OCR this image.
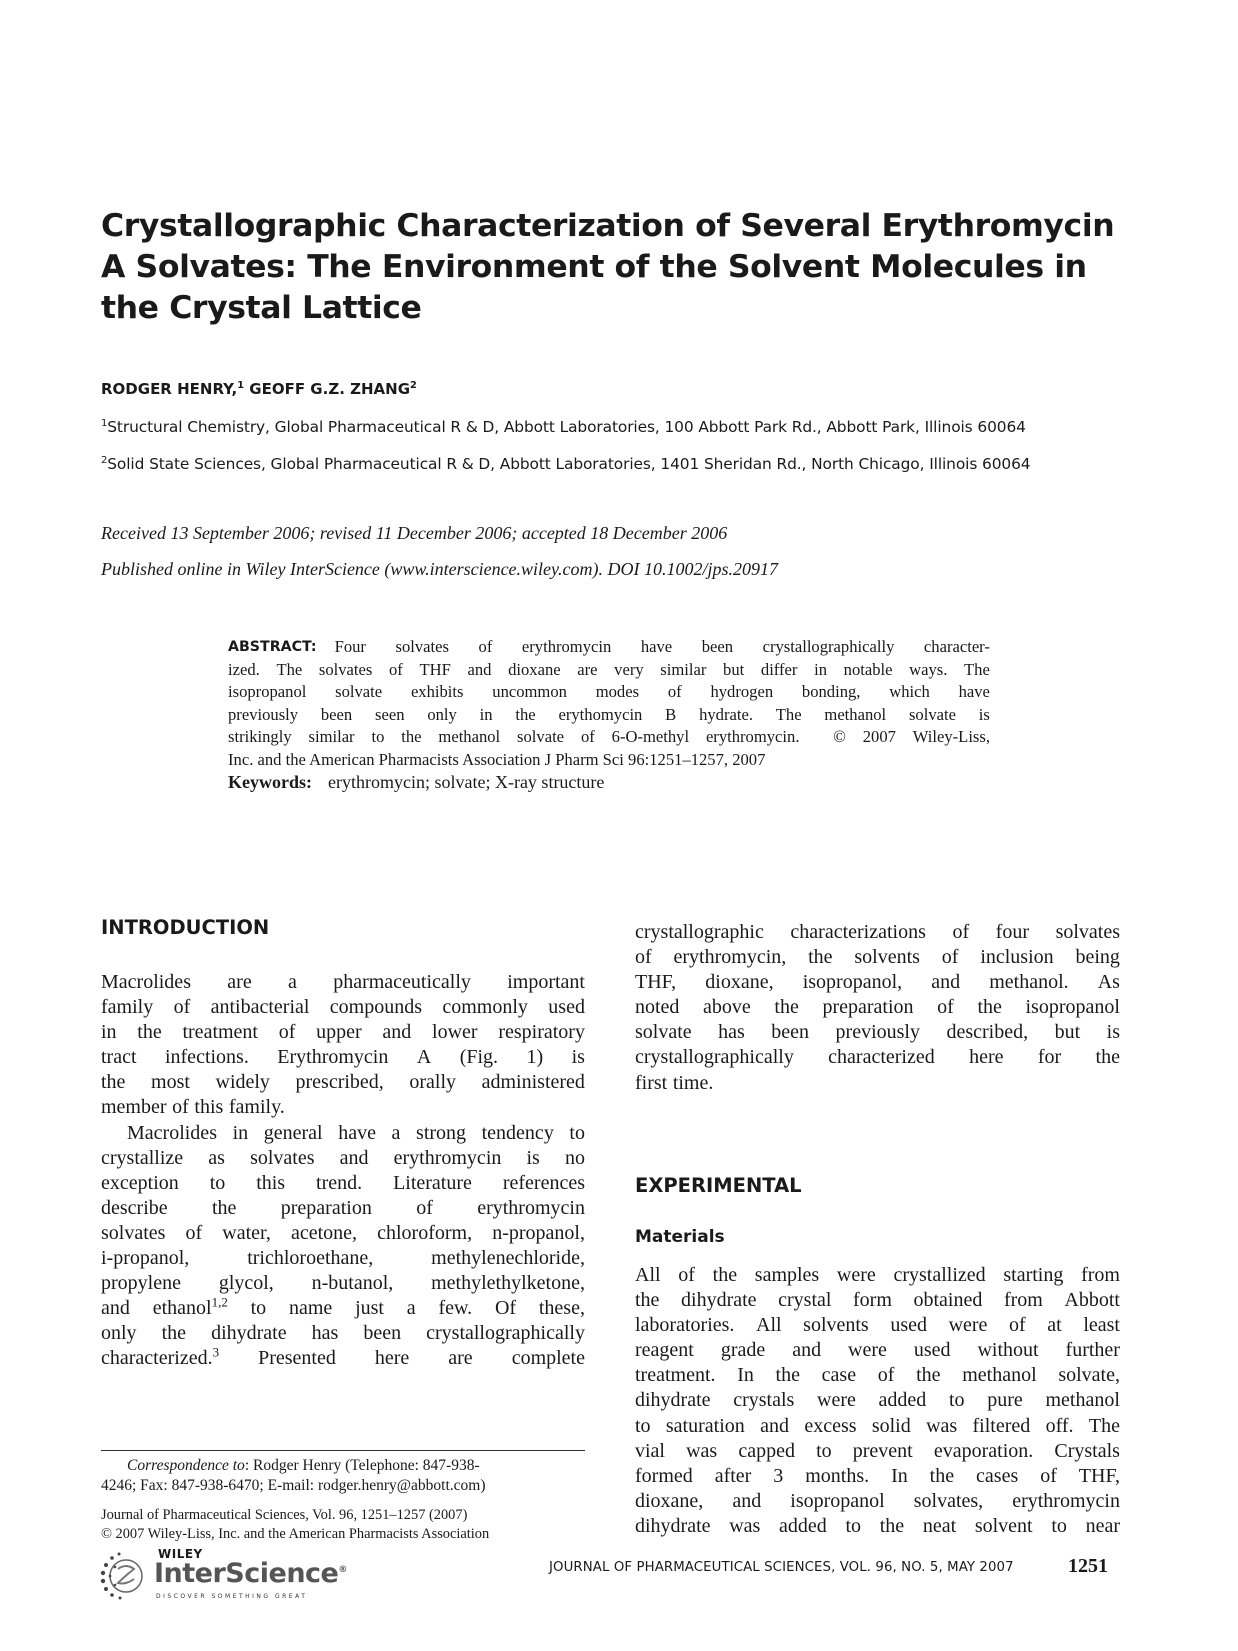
Crystallographic Characterization of Several Erythromycin
A Solvates: The Environment of the Solvent Molecules in
the Crystal Lattice
RODGER HENRY,$^1$ GEOFF G.Z. ZHANG$^2$
$^1$Structural Chemistry, Global Pharmaceutical R & D, Abbott Laboratories, 100 Abbott Park Rd., Abbott Park, Illinois 60064
$^2$Solid State Sciences, Global Pharmaceutical R & D, Abbott Laboratories, 1401 Sheridan Rd., North Chicago, Illinois 60064
Received 13 September 2006; revised 11 December 2006; accepted 18 December 2006
Published online in Wiley InterScience (www.interscience.wiley.com). DOI 10.1002/jps.20917
ABSTRACT: Four solvates of erythromycin have been crystallographically character-
ized. The solvates of THF and dioxane are very similar but differ in notable ways. The
isopropanol solvate exhibits uncommon modes of hydrogen bonding, which have
previously been seen only in the erythomycin B hydrate. The methanol solvate is
strikingly similar to the methanol solvate of 6-O-methyl erythromycin. © 2007 Wiley-Liss,
Inc. and the American Pharmacists Association J Pharm Sci 96:1251–1257, 2007
Keywords: erythromycin; solvate; X-ray structure
INTRODUCTION
Macrolides are a pharmaceutically important
family of antibacterial compounds commonly used
in the treatment of upper and lower respiratory
tract infections. Erythromycin A (Fig. 1) is
the most widely prescribed, orally administered
member of this family.
Macrolides in general have a strong tendency to
crystallize as solvates and erythromycin is no
exception to this trend. Literature references
describe the preparation of erythromycin
solvates of water, acetone, chloroform, n-propanol,
i-propanol,	trichloroethane,	methylenechloride,
propylene glycol, n-butanol, methylethylketone,
and ethanol$^{1,2}$ to name just a few. Of these,
only the dihydrate has been crystallographically
characterized.$^3$ Presented here are complete
crystallographic characterizations of four solvates
of erythromycin, the solvents of inclusion being
THF, dioxane, isopropanol, and methanol. As
noted above the preparation of the isopropanol
solvate has been previously described, but is
crystallographically characterized here for the
first time.
EXPERIMENTAL
Materials
All of the samples were crystallized starting from
the dihydrate crystal form obtained from Abbott
laboratories. All solvents used were of at least
reagent grade and were used without further
treatment. In the case of the methanol solvate,
dihydrate crystals were added to pure methanol
to saturation and excess solid was filtered off. The
vial was capped to prevent evaporation. Crystals
formed after 3 months. In the cases of THF,
dioxane, and isopropanol solvates, erythromycin
dihydrate was added to the neat solvent to near
Correspondence to: Rodger Henry (Telephone: 847-938-
4246; Fax: 847-938-6470; E-mail: rodger.henry@abbott.com)
Journal of Pharmaceutical Sciences, Vol. 96, 1251–1257 (2007)
© 2007 Wiley-Liss, Inc. and the American Pharmacists Association
WILEY
InterScience®
DISCOVER SOMETHING GREAT
JOURNAL OF PHARMACEUTICAL SCIENCES, VOL. 96, NO. 5, MAY 2007	1251
